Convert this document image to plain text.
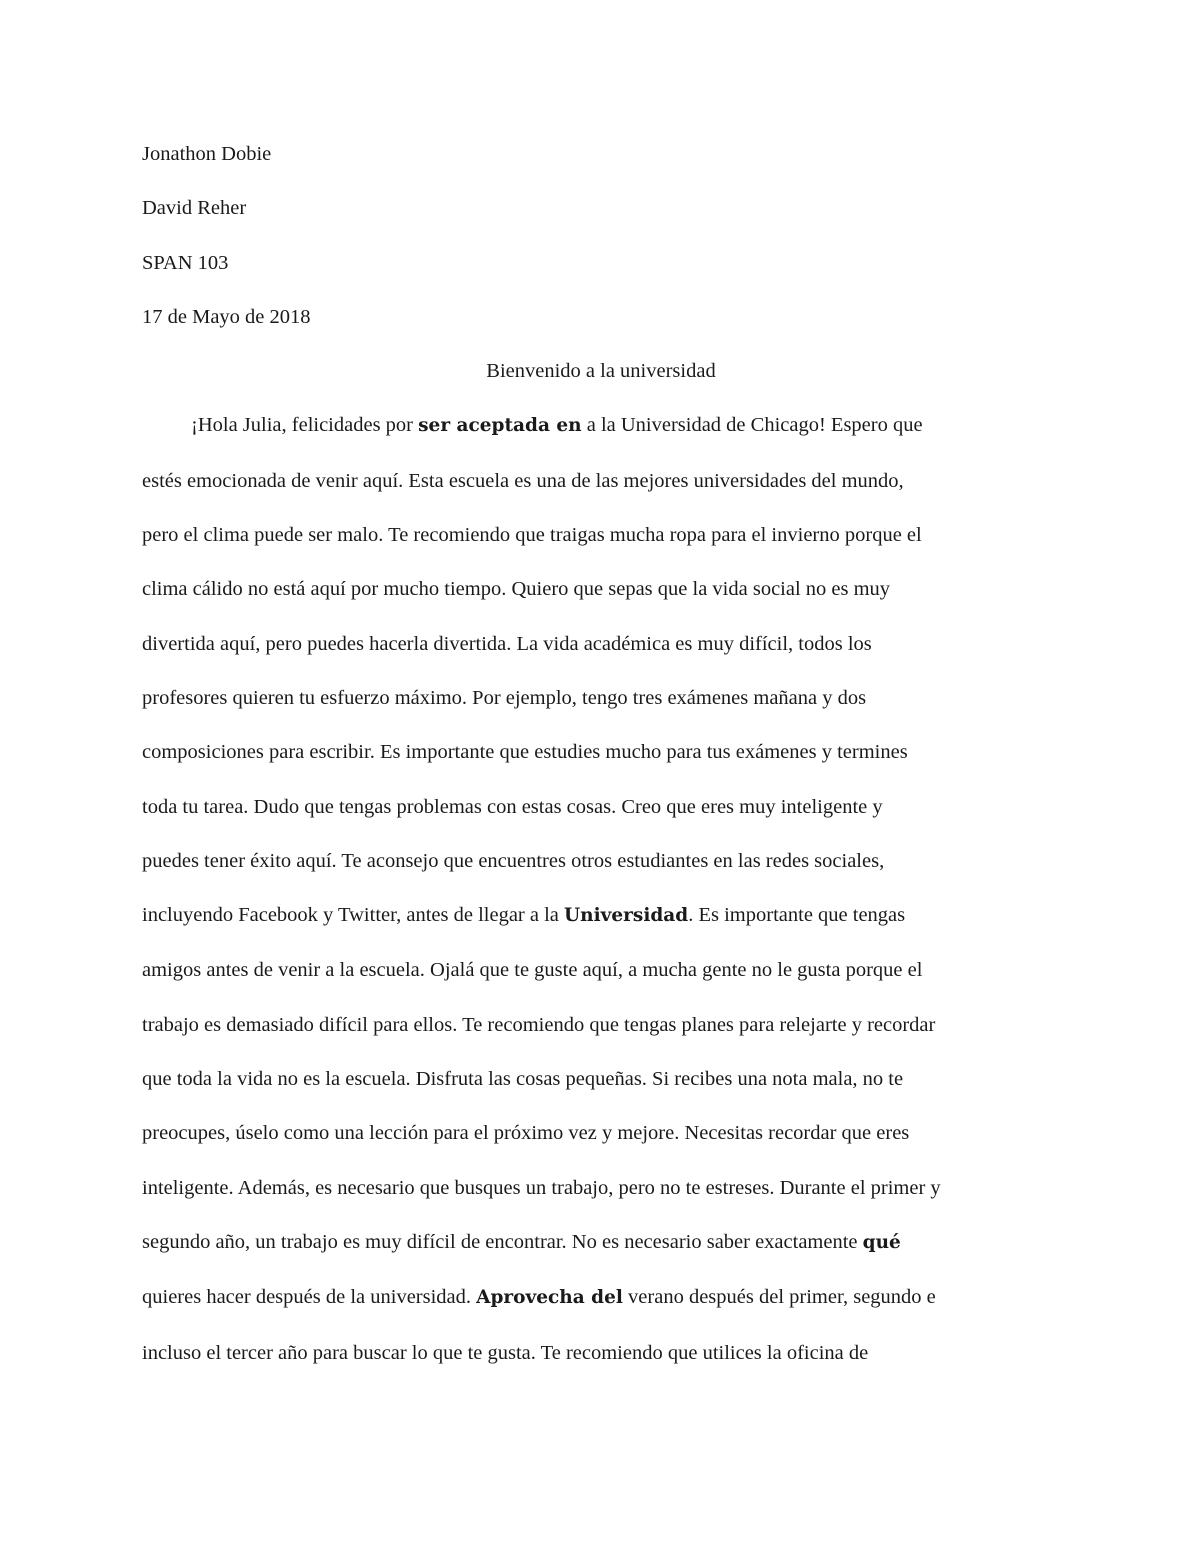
Jonathon Dobie
David Reher
SPAN 103
17 de Mayo de 2018
Bienvenido a la universidad
¡Hola Julia, felicidades por ser aceptada en a la Universidad de Chicago! Espero que
estés emocionada de venir aquí. Esta escuela es una de las mejores universidades del mundo,
pero el clima puede ser malo. Te recomiendo que traigas mucha ropa para el invierno porque el
clima cálido no está aquí por mucho tiempo. Quiero que sepas que la vida social no es muy
divertida aquí, pero puedes hacerla divertida. La vida académica es muy difícil, todos los
profesores quieren tu esfuerzo máximo. Por ejemplo, tengo tres exámenes mañana y dos
composiciones para escribir. Es importante que estudies mucho para tus exámenes y termines
toda tu tarea. Dudo que tengas problemas con estas cosas. Creo que eres muy inteligente y
puedes tener éxito aquí. Te aconsejo que encuentres otros estudiantes en las redes sociales,
incluyendo Facebook y Twitter, antes de llegar a la Universidad. Es importante que tengas
amigos antes de venir a la escuela. Ojalá que te guste aquí, a mucha gente no le gusta porque el
trabajo es demasiado difícil para ellos. Te recomiendo que tengas planes para relejarte y recordar
que toda la vida no es la escuela. Disfruta las cosas pequeñas. Si recibes una nota mala, no te
preocupes, úselo como una lección para el próximo vez y mejore. Necesitas recordar que eres
inteligente. Además, es necesario que busques un trabajo, pero no te estreses. Durante el primer y
segundo año, un trabajo es muy difícil de encontrar. No es necesario saber exactamente qué
quieres hacer después de la universidad. Aprovecha del verano después del primer, segundo e
incluso el tercer año para buscar lo que te gusta. Te recomiendo que utilices la oficina de
